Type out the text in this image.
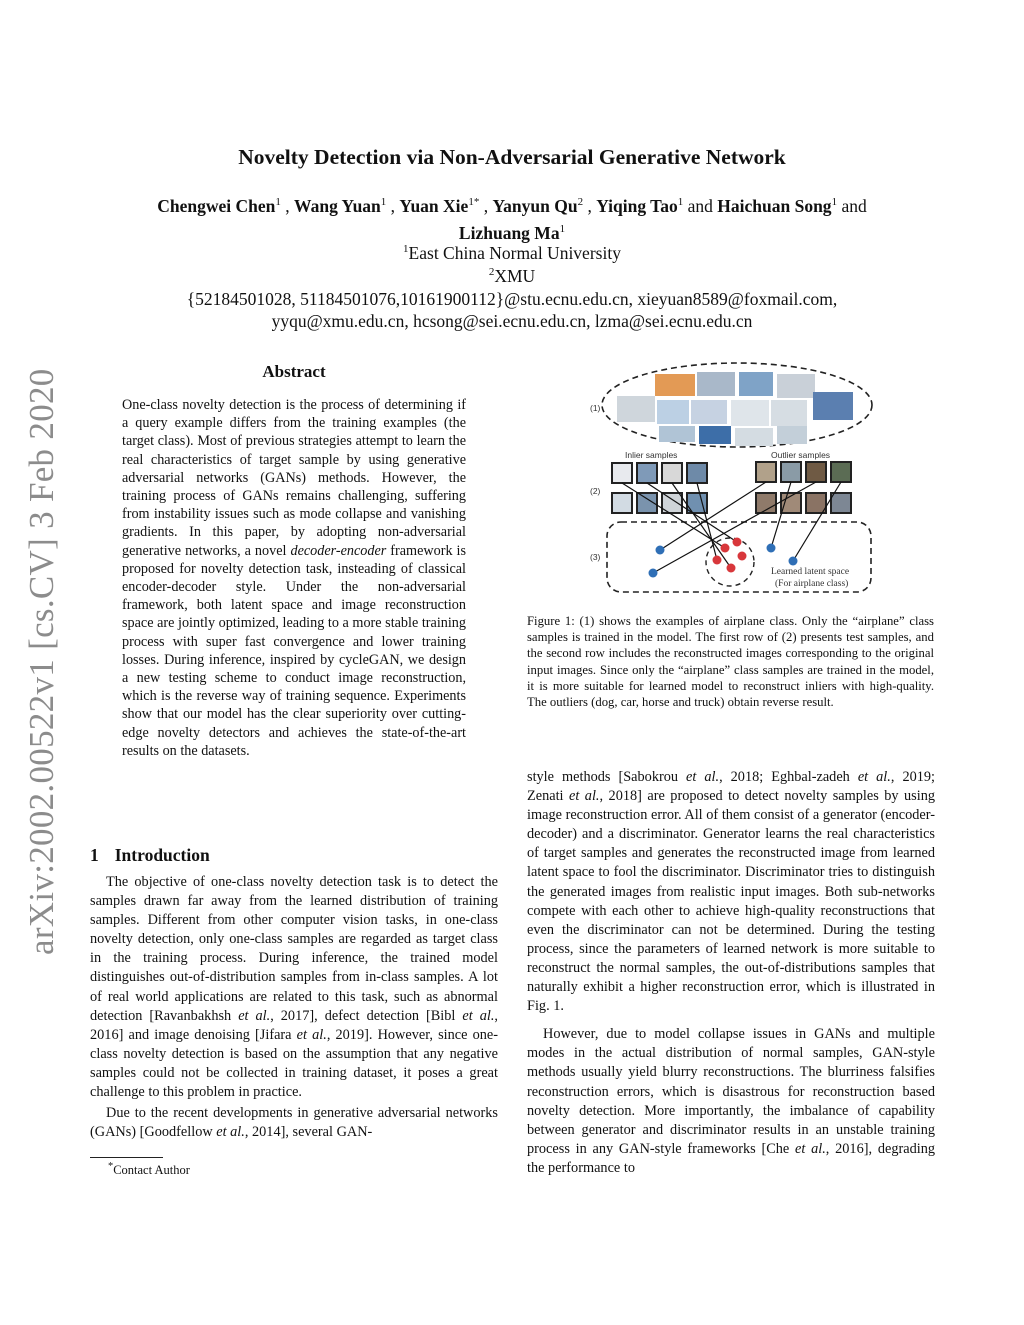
arXiv:2002.00522v1 [cs.CV] 3 Feb 2020
Novelty Detection via Non-Adversarial Generative Network
Chengwei Chen$^1$ , Wang Yuan$^1$ , Yuan Xie$^{1*}$ , Yanyun Qu$^2$ , Yiqing Tao$^1$ and Haichuan Song$^1$ and Lizhuang Ma$^1$
$^1$East China Normal University
$^2$XMU
{52184501028, 51184501076,10161900112}@stu.ecnu.edu.cn, xieyuan8589@foxmail.com,
yyqu@xmu.edu.cn, hcsong@sei.ecnu.edu.cn, lzma@sei.ecnu.edu.cn
Abstract
One-class novelty detection is the process of determining if a query example differs from the training examples (the target class). Most of previous strategies attempt to learn the real characteristics of target sample by using generative adversarial networks (GANs) methods. However, the training process of GANs remains challenging, suffering from instability issues such as mode collapse and vanishing gradients. In this paper, by adopting non-adversarial generative networks, a novel decoder-encoder framework is proposed for novelty detection task, insteading of classical encoder-decoder style. Under the non-adversarial framework, both latent space and image reconstruction space are jointly optimized, leading to a more stable training process with super fast convergence and lower training losses. During inference, inspired by cycleGAN, we design a new testing scheme to conduct image reconstruction, which is the reverse way of training sequence. Experiments show that our model has the clear superiority over cutting-edge novelty detectors and achieves the state-of-the-art results on the datasets.
1 Introduction

The objective of one-class novelty detection task is to detect the samples drawn far away from the learned distribution of training samples. Different from other computer vision tasks, in one-class novelty detection, only one-class samples are regarded as target class in the training process. During inference, the trained model distinguishes out-of-distribution samples from in-class samples. A lot of real world applications are related to this task, such as abnormal detection [Ravanbakhsh et al., 2017], defect detection [Bibl et al., 2016] and image denoising [Jifara et al., 2019]. However, since one-class novelty detection is based on the assumption that any negative samples could not be collected in training dataset, it poses a great challenge to this problem in practice.

Due to the recent developments in generative adversarial networks (GANs) [Goodfellow et al., 2014], several GAN-

*Contact Author
(1)
(2)
(3)
Inlier samples	Outlier samples
Learned latent space
(For airplane class)
Figure 1: (1) shows the examples of airplane class. Only the “airplane” class samples is trained in the model. The first row of (2) presents test samples, and the second row includes the reconstructed images corresponding to the original input images. Since only the “airplane” class samples are trained in the model, it is more suitable for learned model to reconstruct inliers with high-quality. The outliers (dog, car, horse and truck) obtain reverse result.

style methods [Sabokrou et al., 2018; Eghbal-zadeh et al., 2019; Zenati et al., 2018] are proposed to detect novelty samples by using image reconstruction error. All of them consist of a generator (encoder-decoder) and a discriminator. Generator learns the real characteristics of target samples and generates the reconstructed image from learned latent space to fool the discriminator. Discriminator tries to distinguish the generated images from realistic input images. Both sub-networks compete with each other to achieve high-quality reconstructions that even the discriminator can not be determined. During the testing process, since the parameters of learned network is more suitable to reconstruct the normal samples, the out-of-distributions samples that naturally exhibit a higher reconstruction error, which is illustrated in Fig. 1.

However, due to model collapse issues in GANs and multiple modes in the actual distribution of normal samples, GAN-style methods usually yield blurry reconstructions. The blurriness falsifies reconstruction errors, which is disastrous for reconstruction based novelty detection. More importantly, the imbalance of capability between generator and discriminator results in an unstable training process in any GAN-style frameworks [Che et al., 2016], degrading the performance to
